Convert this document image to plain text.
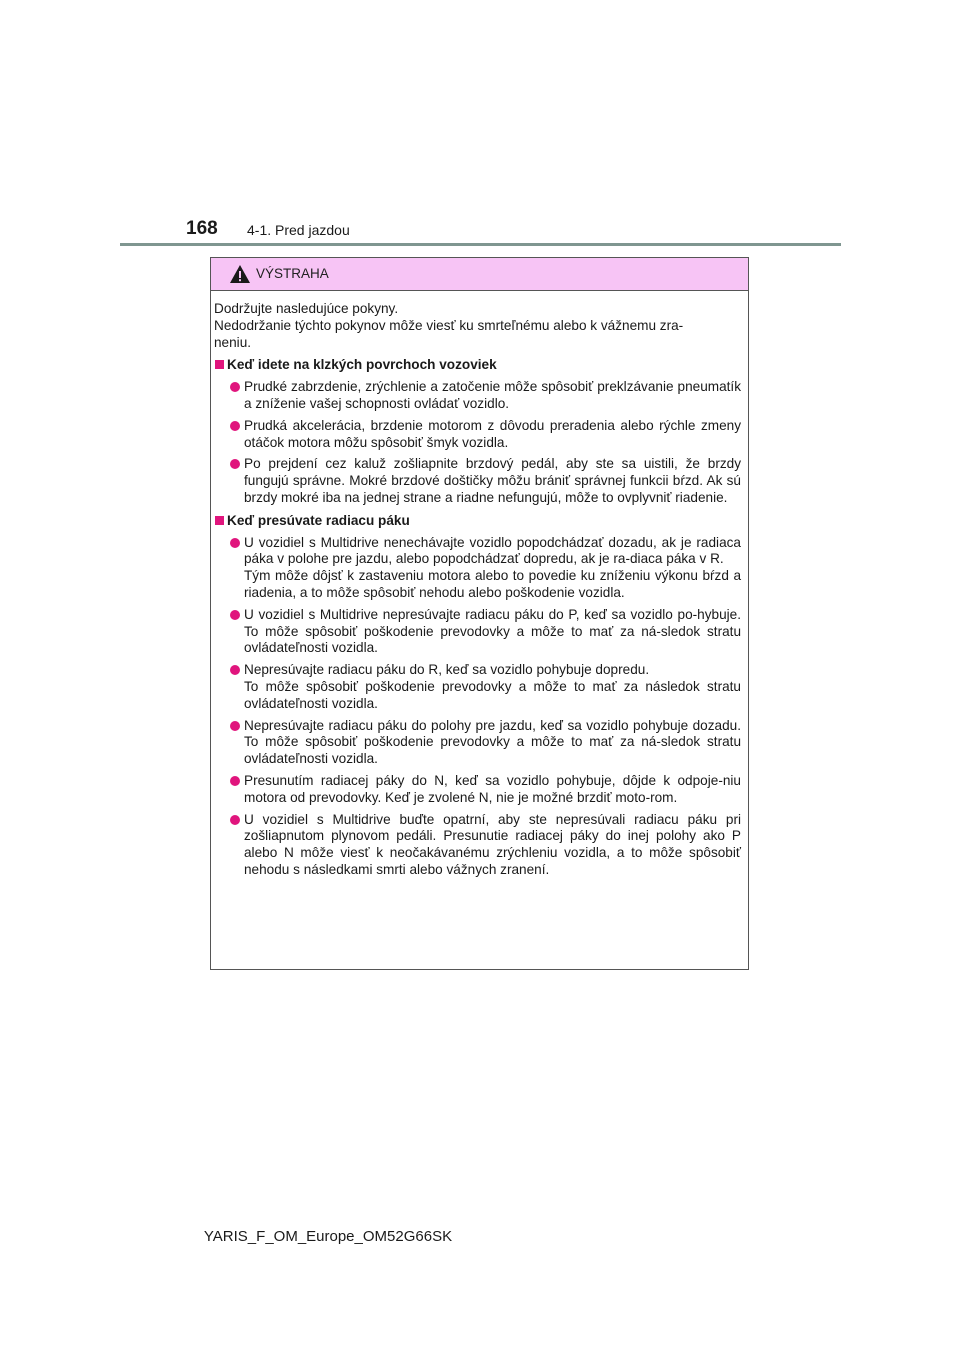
168 4-1. Pred jazdou
VÝSTRAHA
Dodržujte nasledujúce pokyny.
Nedodržanie týchto pokynov môže viesť ku smrteľnému alebo k vážnemu zra-
neniu.
Keď idete na klzkých povrchoch vozoviek
Prudké zabrzdenie, zrýchlenie a zatočenie môže spôsobiť preklzávanie pneumatík a zníženie vašej schopnosti ovládať vozidlo.
Prudká akcelerácia, brzdenie motorom z dôvodu preradenia alebo rýchle zmeny otáčok motora môžu spôsobiť šmyk vozidla.
Po prejdení cez kaluž zošliapnite brzdový pedál, aby ste sa uistili, že brzdy fungujú správne. Mokré brzdové doštičky môžu brániť správnej funkcii bŕzd. Ak sú brzdy mokré iba na jednej strane a riadne nefungujú, môže to ovplyvniť riadenie.
Keď presúvate radiacu páku
U vozidiel s Multidrive nenechávajte vozidlo popodchádzať dozadu, ak je radiaca páka v polohe pre jazdu, alebo popodchádzať dopredu, ak je ra-diaca páka v R.
Tým môže dôjsť k zastaveniu motora alebo to povedie ku zníženiu výkonu bŕzd a riadenia, a to môže spôsobiť nehodu alebo poškodenie vozidla.
U vozidiel s Multidrive nepresúvajte radiacu páku do P, keď sa vozidlo po-hybuje. To môže spôsobiť poškodenie prevodovky a môže to mať za ná-sledok stratu ovládateľnosti vozidla.
Nepresúvajte radiacu páku do R, keď sa vozidlo pohybuje dopredu.
To môže spôsobiť poškodenie prevodovky a môže to mať za následok stratu ovládateľnosti vozidla.
Nepresúvajte radiacu páku do polohy pre jazdu, keď sa vozidlo pohybuje dozadu. To môže spôsobiť poškodenie prevodovky a môže to mať za ná-sledok stratu ovládateľnosti vozidla.
Presunutím radiacej páky do N, keď sa vozidlo pohybuje, dôjde k odpoje-niu motora od prevodovky. Keď je zvolené N, nie je možné brzdiť moto-rom.
U vozidiel s Multidrive buďte opatrní, aby ste nepresúvali radiacu páku pri zošliapnutom plynovom pedáli. Presunutie radiacej páky do inej polohy ako P alebo N môže viesť k neočakávanému zrýchleniu vozidla, a to môže spôsobiť nehodu s následkami smrti alebo vážnych zranení.
YARIS_F_OM_Europe_OM52G66SK
